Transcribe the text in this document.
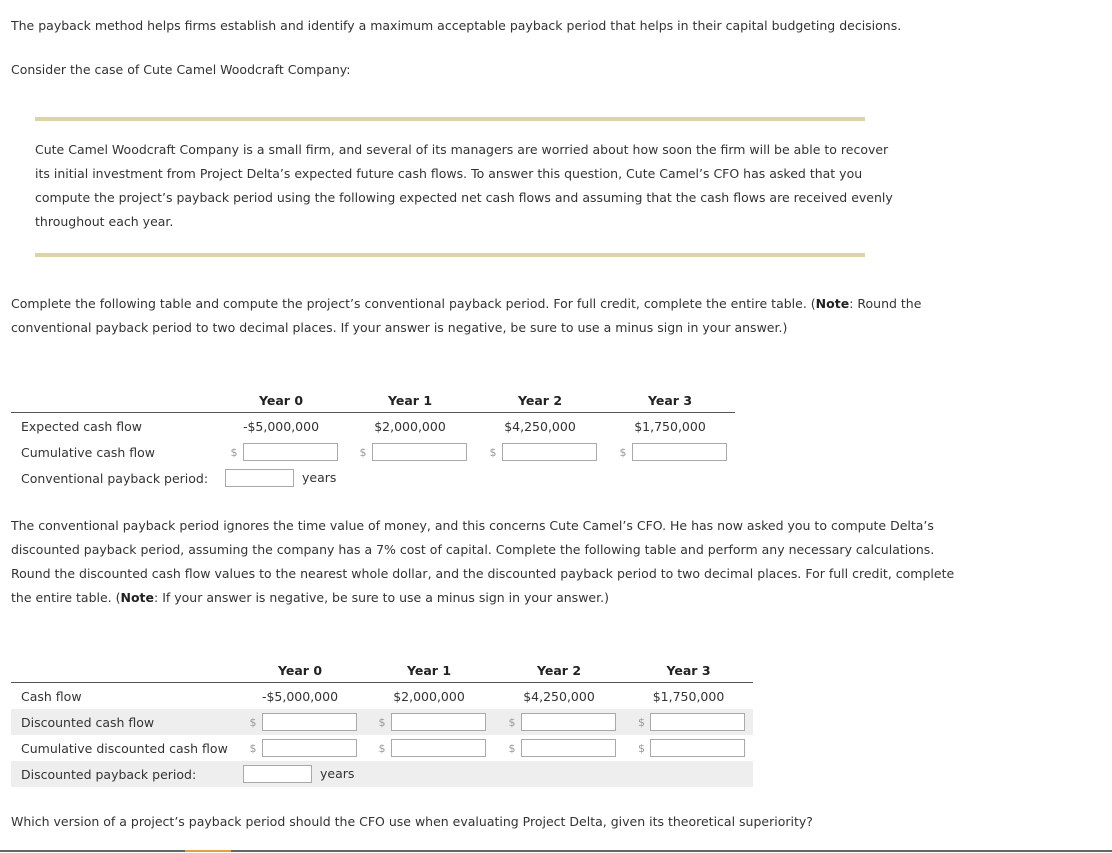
The payback method helps firms establish and identify a maximum acceptable payback period that helps in their capital budgeting decisions.

Consider the case of Cute Camel Woodcraft Company:

Cute Camel Woodcraft Company is a small firm, and several of its managers are worried about how soon the firm will be able to recover
its initial investment from Project Delta’s expected future cash flows. To answer this question, Cute Camel’s CFO has asked that you
compute the project’s payback period using the following expected net cash flows and assuming that the cash flows are received evenly
throughout each year.
Complete the following table and compute the project’s conventional payback period. For full credit, complete the entire table. (Note: Round the
conventional payback period to two decimal places. If your answer is negative, be sure to use a minus sign in your answer.)
	Year 0	Year 1	Year 2	Year 3
Expected cash flow	-$5,000,000	$2,000,000	$4,250,000	$1,750,000
Cumulative cash flow	$	$	$	$

Conventional payback period:	years			
The conventional payback period ignores the time value of money, and this concerns Cute Camel’s CFO. He has now asked you to compute Delta’s
discounted payback period, assuming the company has a 7% cost of capital. Complete the following table and perform any necessary calculations.
Round the discounted cash flow values to the nearest whole dollar, and the discounted payback period to two decimal places. For full credit, complete
the entire table. (Note: If your answer is negative, be sure to use a minus sign in your answer.)
	Year 0	Year 1	Year 2	Year 3
Cash flow	-$5,000,000	$2,000,000	$4,250,000	$1,750,000
Discounted cash flow	$	$	$	$

Cumulative discounted cash flow	$	$	$	$

Discounted payback period:	years			

Which version of a project’s payback period should the CFO use when evaluating Project Delta, given its theoretical superiority?
